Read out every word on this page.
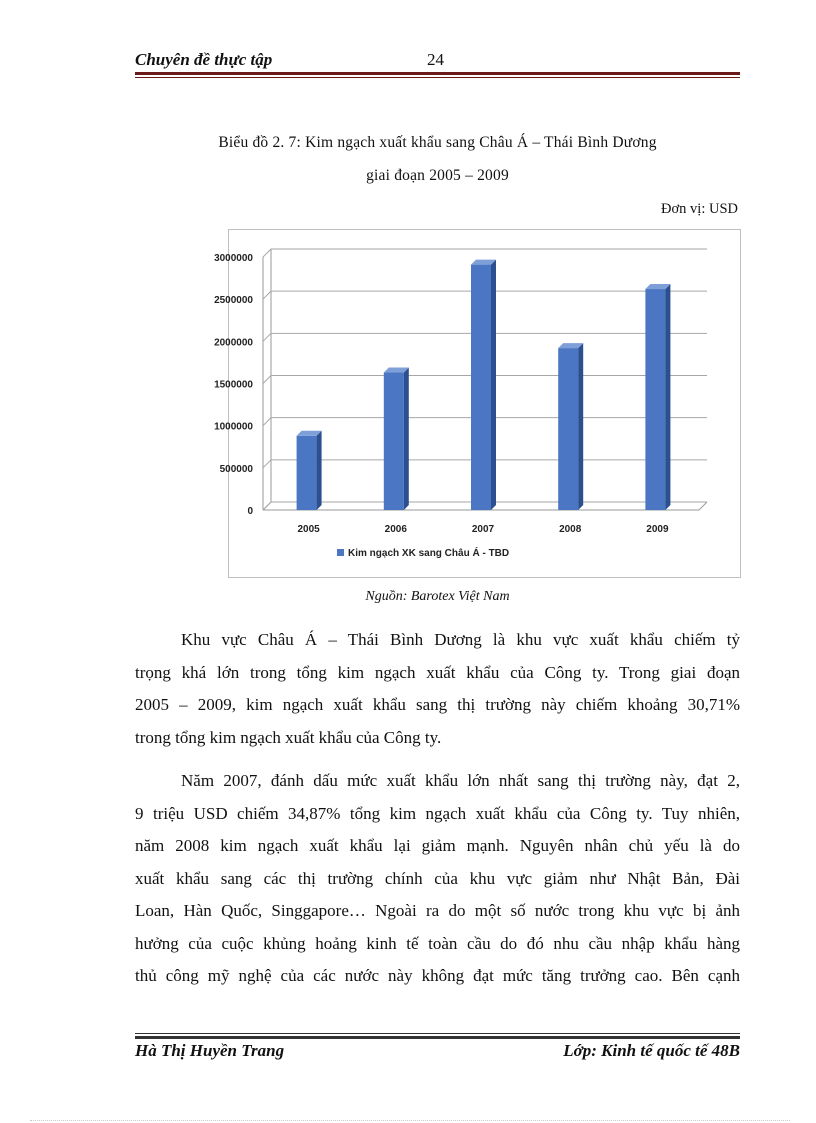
Chuyên đề thực tập	24
Biểu đồ 2. 7: Kim ngạch xuất khẩu sang Châu Á – Thái Bình Dương
giai đoạn 2005 – 2009
Đơn vị: USD
0
500000
1000000
1500000
2000000
2500000
3000000
2005	2006	2007	2008	2009
Kim ngạch XK sang Châu Á - TBD
Nguồn: Barotex Việt Nam
Khu vực Châu Á – Thái Bình Dương là khu vực xuất khẩu chiếm tỷ
trọng khá lớn trong tổng kim ngạch xuất khẩu của Công ty. Trong giai đoạn
2005 – 2009, kim ngạch xuất khẩu sang thị trường này chiếm khoảng 30,71%
trong tổng kim ngạch xuất khẩu của Công ty.
Năm 2007, đánh dấu mức xuất khẩu lớn nhất sang thị trường này, đạt 2,
9 triệu USD chiếm 34,87% tổng kim ngạch xuất khẩu của Công ty. Tuy nhiên,
năm 2008 kim ngạch xuất khẩu lại giảm mạnh. Nguyên nhân chủ yếu là do
xuất khẩu sang các thị trường chính của khu vực giảm như Nhật Bản, Đài
Loan, Hàn Quốc, Singgapore… Ngoài ra do một số nước trong khu vực bị ảnh
hưởng của cuộc khủng hoảng kinh tế toàn cầu do đó nhu cầu nhập khẩu hàng
thủ công mỹ nghệ của các nước này không đạt mức tăng trưởng cao. Bên cạnh
Hà Thị Huyền Trang	Lớp: Kinh tế quốc tế 48B
